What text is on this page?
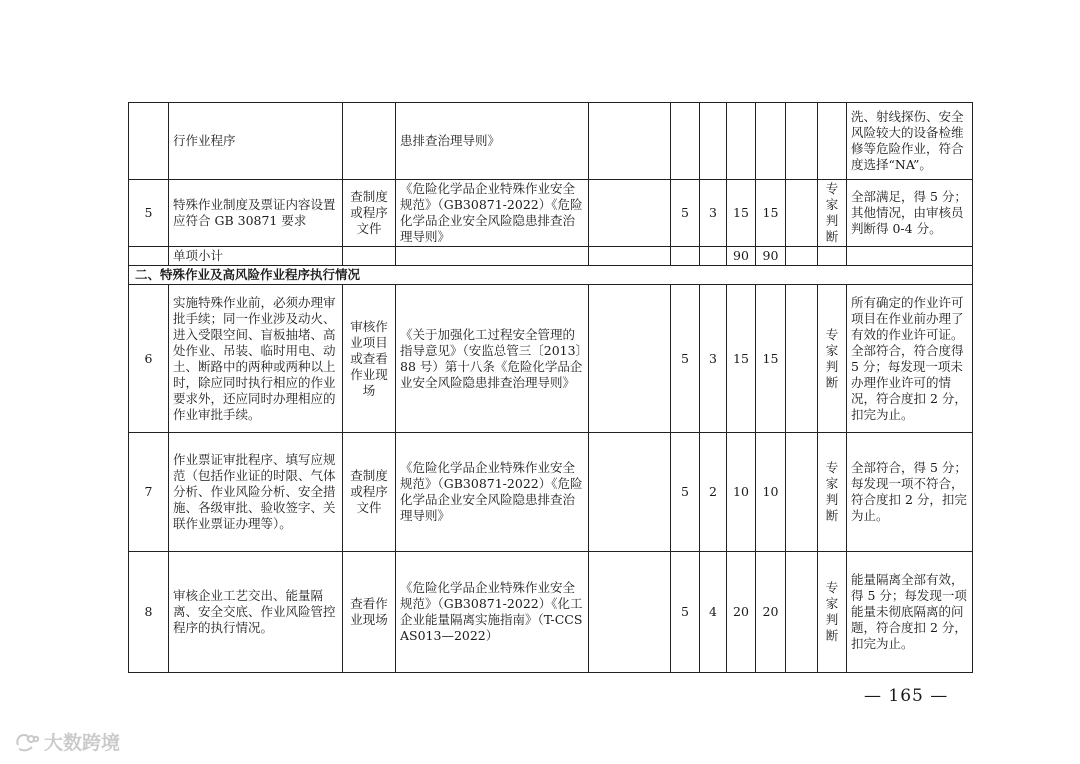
	行作业程序		患排查治理导则》								洗、射线探伤、安全风险较大的设备检维修等危险作业，符合度选择“NA”。
5	特殊作业制度及票证内容设置应符合 GB 30871 要求	查制度或程序文件	《危险化学品企业特殊作业安全规范》（GB30871-2022）《危险化学品企业安全风险隐患排查治理导则》		5	3	15	15		专家判断	全部满足，得 5 分；其他情况，由审核员判断得 0-4 分。
	单项小计						90	90			
二、特殊作业及高风险作业程序执行情况											
6	实施特殊作业前，必须办理审批手续；同一作业涉及动火、进入受限空间、盲板抽堵、高处作业、吊装、临时用电、动土、断路中的两种或两种以上时，除应同时执行相应的作业要求外，还应同时办理相应的作业审批手续。	审核作业项目或查看作业现场	《关于加强化工过程安全管理的指导意见》（安监总管三〔2013〕88 号）第十八条《危险化学品企业安全风险隐患排查治理导则》		5	3	15	15		专家判断	所有确定的作业许可项目在作业前办理了有效的作业许可证。全部符合，符合度得 5 分；每发现一项未办理作业许可的情况，符合度扣 2 分，扣完为止。
7	作业票证审批程序、填写应规范（包括作业证的时限、气体分析、作业风险分析、安全措施、各级审批、验收签字、关联作业票证办理等）。	查制度或程序文件	《危险化学品企业特殊作业安全规范》（GB30871-2022）《危险化学品企业安全风险隐患排查治理导则》		5	2	10	10		专家判断	全部符合，得 5 分；每发现一项不符合，符合度扣 2 分，扣完为止。
8	审核企业工艺交出、能量隔离、安全交底、作业风险管控程序的执行情况。	查看作业现场	《危险化学品企业特殊作业安全规范》（GB30871-2022）《化工企业能量隔离实施指南》（T-CCSAS013—2022）		5	4	20	20		专家判断	能量隔离全部有效，得 5 分；每发现一项能量未彻底隔离的问题，符合度扣 2 分，扣完为止。
— 165 —
大数跨境
